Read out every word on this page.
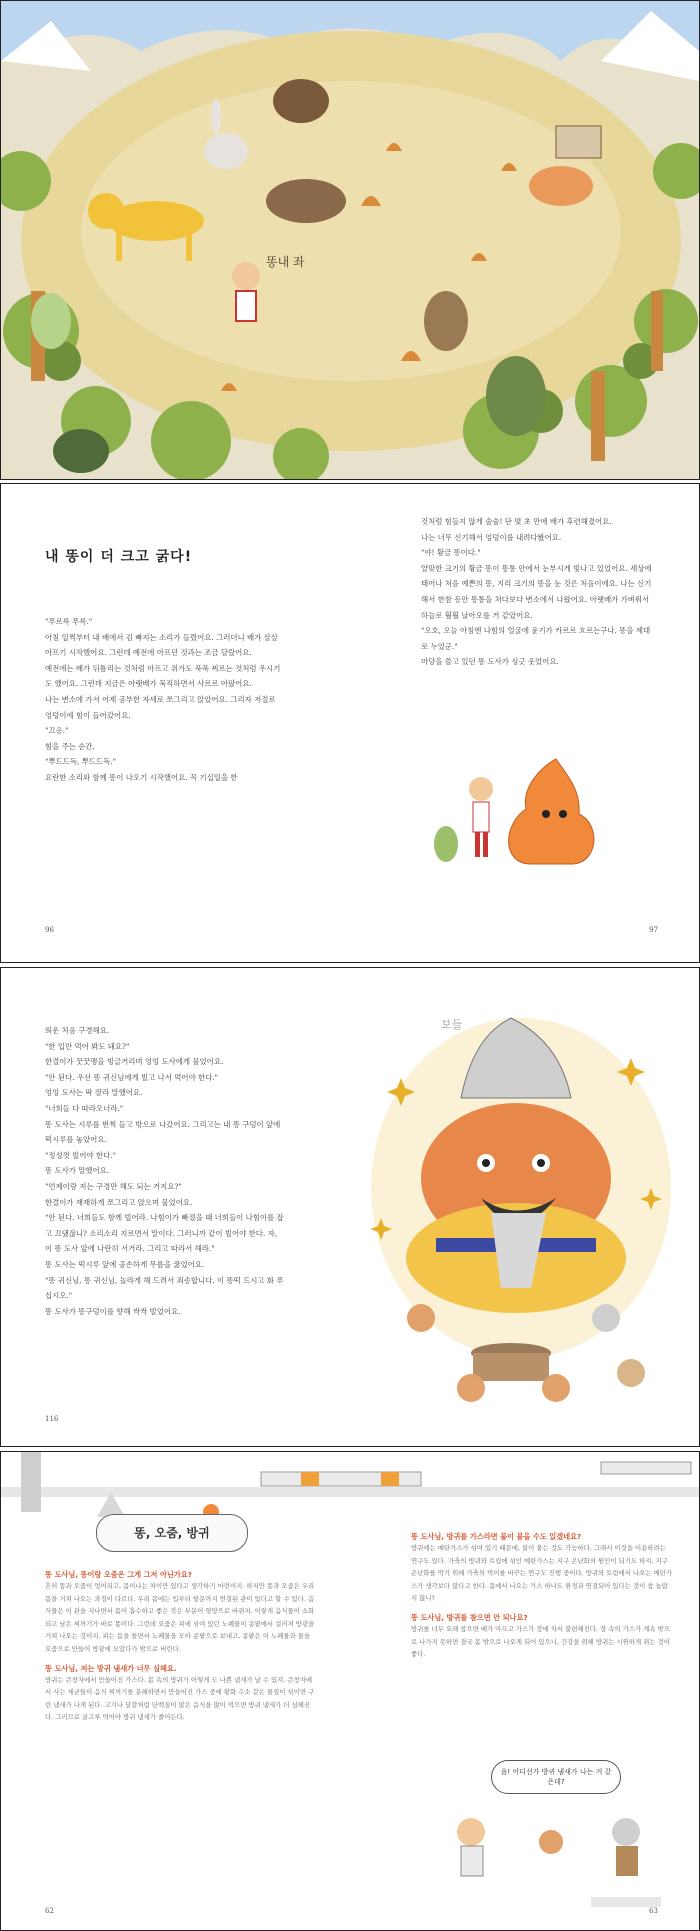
똥내 좌
내 똥이 더 크고 굵다!

"푸르륵 푸륵."

아침 일찍부터 내 배에서 김 빠지는 소리가 들렸어요. 그러더니 배가 살살 아프기 시작했어요. 그런데 예전에 아프던 것과는 조금 달랐어요.

예전에는 배가 뒤틀리는 것처럼 아프고 쥐가도 푹푹 찌르는 것처럼 우시기도 했어요. 그런데 지금은 아랫배가 묵직하면서 사르르 아팠어요.

나는 변소에 가서 어제 공부한 자세로 쪼그리고 앉았어요. 그리자 저절로 엉덩이에 힘이 들어갔어요.

"끄응."

힘을 주는 순간,

"뿌드드득, 뿌드드득."

요란한 소리와 함께 똥이 나오기 시작했어요. 꼭 기십일을 한

것처럼 힘들지 않게 술술! 단 몇 초 만에 배가 후련해졌어요.

나는 너무 신기해서 엉덩이를 내려다봤어요.

"야! 황금 똥이다."

알맞한 크기의 황금 똥이 똥통 안에서 눈부시게 빛나고 있었어요. 세상에 태어나 처음 예쁜의 똥, 지리 크기의 똥을 눈 것은 처음이에요. 나는 신기해서 한참 동안 똥통을 쳐다보다 변소에서 나왔어요. 아랫배가 가벼워서 하늘로 훨훨 날아오를 거 같았어요.

"오호, 오늘 아침엔 나힘의 얼굴에 윤기가 카르르 흐르는구나. 똥을 제대로 누었군."

마당을 쓸고 있던 똥 도사가 싱긋 웃었어요.

96	97

띄운 처음 구경해요.

"한 입만 먹어 봐도 돼요?"

한결이가 꿋꿋맹을 빙글거리며 엉엉 도사에게 물었어요.

"안 된다. 우선 똥 귀신님에게 빌고 나서 먹어야 한다."

엉엉 도사는 딱 잘라 말했어요.

"너희들 다 따라오너라."

똥 도사는 시루를 번쩍 들고 밖으로 나갔어요. 그리고는 내 똥 구덩이 앞에 떡시루를 놓았어요.

"정성껏 빌어야 한다."

똥 도사가 말했어요.

"언제이랑 저는 구경만 해도 되는 거지요?"

한결이가 재재하게 쪼그리고 앉으며 물었어요.

"안 된다. 너희들도 함께 빌어라. 나힘이가 빠졌을 때 너희들이 나힘이를 잡고 끄댔잖니? 소리소리 지르면서 말이다. 그러니까 같이 빌어야 한다. 자, 이 똥 도사 앞에 나란히 서거라. 그리고 따라서 해라."

똥 도사는 떡시루 앞에 공손하게 무릎을 꿇었어요.

"똥 귀신님, 똥 귀신님, 놀라게 해 드려서 죄송합니다. 이 똥떡 드시고 화 푸십시오."

똥 도사가 똥구덩이를 향해 싹싹 빌었어요.

보들
116
똥, 오줌, 방귀
똥 도사님, 똥이랑 오줌은 그게 그저 아닌가요?
흔히 똥과 오줌이 엉어리고, 몸이나는 차이만 있다고 생각하기 마련이지. 하지만 똥과 오줌은 우리 몸을 거쳐 나오는 과정이 다르다. 우리 몸에는 입부터 항문까지 연결된 관이 있다고 할 수 있다. 음식물은 이 관을 지나면서 몸이 흡수하고 좋은 작은 부분이 영양으로 바뀌지. 이렇게 음식물이 소화되고 남은 찌꺼기가 바로 똥이다. 그런데 오줌은 피에 섞여 있던 노폐물이 콩팥에서 걸러져 방광을 거쳐 나오는 것이지. 피는 몸을 돌면서 노폐물을 모아 콩팥으로 보내고, 콩팥은 이 노폐물과 물을 오줌으로 만들어 방광에 모았다가 밖으로 버린다.
똥 도사님, 저는 방귀 냄새가 너무 심해요.
방귀는 큰창자에서 만들어진 가스다. 몸 속의 방귀가 어떻게 도 나쁜 냄새가 날 수 있지. 큰창자에서 사는 세균들이 음식 찌꺼기를 분해하면서 만들어진 가스 중에 황화 수소 같은 물질이 섞이면 구린 냄새가 나게 된다. 고기나 달걀처럼 단백질이 많은 음식을 많이 먹으면 방귀 냄새가 더 심해진다. 그러므로 골고루 먹어야 방귀 냄새가 줄어든다.
똥 도사님, 방귀를 가스라면 불이 붙을 수도 있겠네요?
방귀에는 메탄가스가 섞여 있기 때문에, 불이 붙는 것도 가능하다. 그래서 이것을 이용하려는 연구도 있다. 가축의 방귀와 트림에 섞인 메탄가스는 지구 온난화의 원인이 되기도 하지. 지구 온난화를 막기 위해 가축의 먹이를 바꾸는 연구도 진행 중이다. 방귀와 트림에서 나오는 메탄가스가 생각보다 많다고 한다. 몸에서 나오는 가스 하나도 환경과 연결되어 있다는 것이 참 놀랍지 않니?
똥 도사님, 방귀를 참으면 안 되나요?
방귀를 너무 오래 참으면 배가 아프고 가스가 장에 차서 불편해진다. 장 속의 가스가 계속 밖으로 나가지 못하면 결국 몸 밖으로 나오게 되어 있으니, 건강을 위해 방귀는 시원하게 뀌는 것이 좋다.
음! 어디선가 방귀 냄새가 나는 거 같은데?
62	63
